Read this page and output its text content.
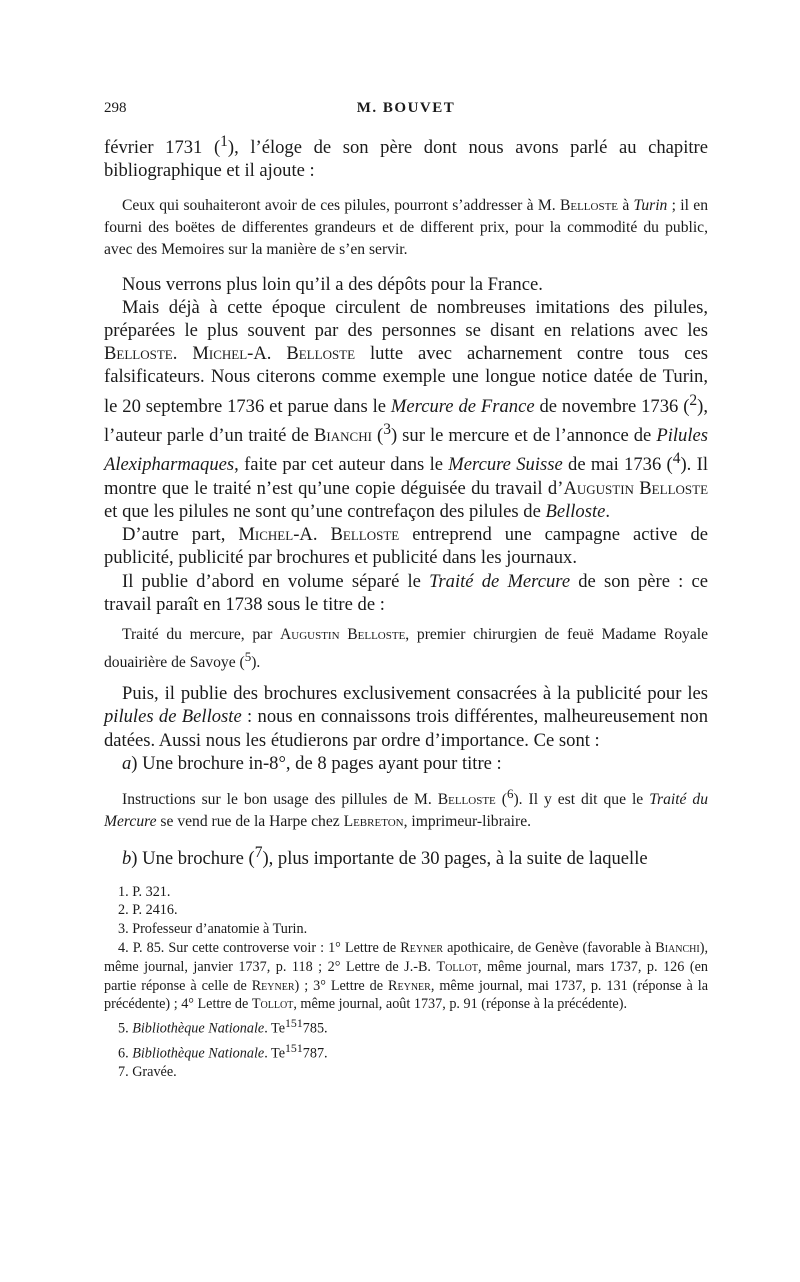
298	M. BOUVET

février 1731 ($^1$), l’éloge de son père dont nous avons parlé au chapitre bibliographique et il ajoute :

Ceux qui souhaiteront avoir de ces pilules, pourront s’addresser à M. Belloste à Turin ; il en fourni des boëtes de differentes grandeurs et de different prix, pour la commodité du public, avec des Memoires sur la manière de s’en servir.

Nous verrons plus loin qu’il a des dépôts pour la France.

Mais déjà à cette époque circulent de nombreuses imitations des pilules, préparées le plus souvent par des personnes se disant en relations avec les Belloste. Michel-A. Belloste lutte avec acharnement contre tous ces falsificateurs. Nous citerons comme exemple une longue notice datée de Turin, le 20 septembre 1736 et parue dans le Mercure de France de novembre 1736 ($^2$), l’auteur parle d’un traité de Bianchi ($^3$) sur le mercure et de l’annonce de Pilules Alexipharmaques, faite par cet auteur dans le Mercure Suisse de mai 1736 ($^4$). Il montre que le traité n’est qu’une copie déguisée du travail d’Augustin Belloste et que les pilules ne sont qu’une contrefaçon des pilules de Belloste.

D’autre part, Michel-A. Belloste entreprend une campagne active de publicité, publicité par brochures et publicité dans les journaux.

Il publie d’abord en volume séparé le Traité de Mercure de son père : ce travail paraît en 1738 sous le titre de :

Traité du mercure, par Augustin Belloste, premier chirurgien de feuë Madame Royale douairière de Savoye ($^5$).

Puis, il publie des brochures exclusivement consacrées à la publicité pour les pilules de Belloste : nous en connaissons trois différentes, malheureusement non datées. Aussi nous les étudierons par ordre d’importance. Ce sont :

a) Une brochure in-8°, de 8 pages ayant pour titre :

Instructions sur le bon usage des pillules de M. Belloste ($^6$). Il y est dit que le Traité du Mercure se vend rue de la Harpe chez Lebreton, imprimeur-libraire.

b) Une brochure ($^7$), plus importante de 30 pages, à la suite de laquelle

1. P. 321.

2. P. 2416.

3. Professeur d’anatomie à Turin.

4. P. 85. Sur cette controverse voir : 1° Lettre de Reyner apothicaire, de Genève (favorable à Bianchi), même journal, janvier 1737, p. 118 ; 2° Lettre de J.-B. Tollot, même journal, mars 1737, p. 126 (en partie réponse à celle de Reyner) ; 3° Lettre de Reyner, même journal, mai 1737, p. 131 (réponse à la précédente) ; 4° Lettre de Tollot, même journal, août 1737, p. 91 (réponse à la précédente).

5. Bibliothèque Nationale. Te$^{151}$785.

6. Bibliothèque Nationale. Te$^{151}$787.

7. Gravée.
